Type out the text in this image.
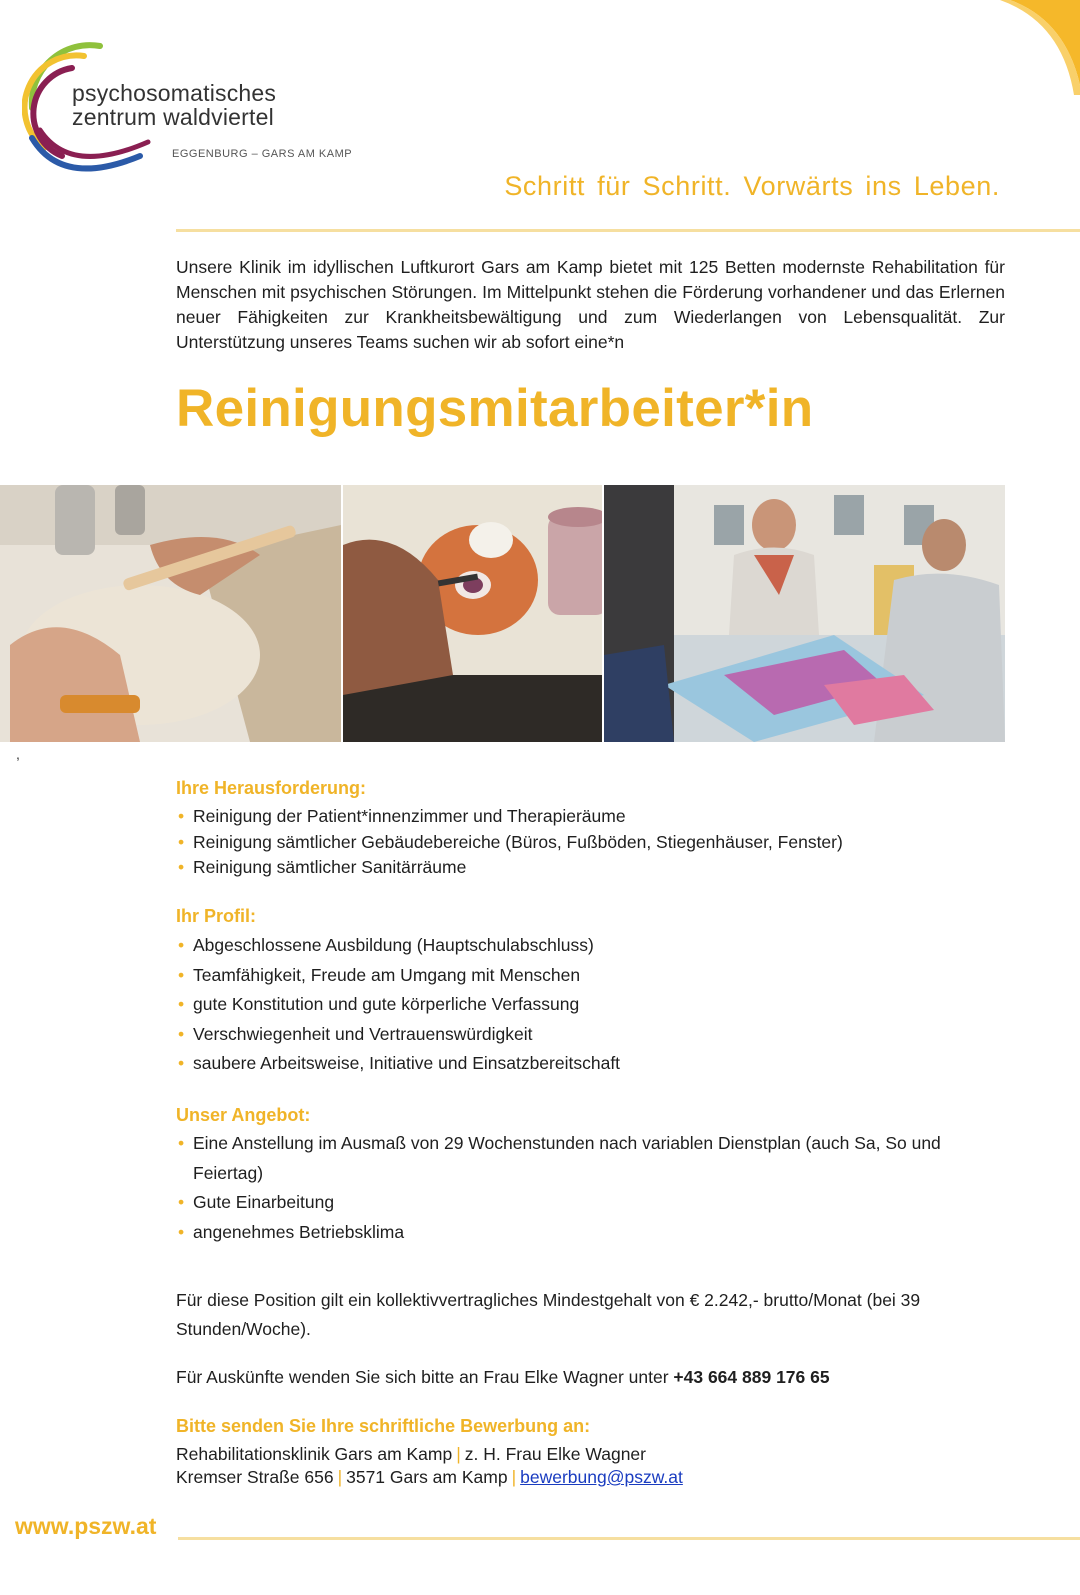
psychosomatisches
zentrum waldviertel
EGGENBURG – GARS AM KAMP
Schritt für Schritt. Vorwärts ins Leben.
Unsere Klinik im idyllischen Luftkurort Gars am Kamp bietet mit 125 Betten modernste Rehabilitation für Menschen mit psychischen Störungen. Im Mittelpunkt stehen die Förderung vorhandener und das Erlernen neuer Fähigkeiten zur Krankheitsbewältigung und zum Wiederlangen von Lebensqualität. Zur Unterstützung unseres Teams suchen wir ab sofort eine*n
Reinigungsmitarbeiter*in
,
Ihre Herausforderung:
• Reinigung der Patient*innenzimmer und Therapieräume
• Reinigung sämtlicher Gebäudebereiche (Büros, Fußböden, Stiegenhäuser, Fenster)
• Reinigung sämtlicher Sanitärräume
Ihr Profil:
• Abgeschlossene Ausbildung (Hauptschulabschluss)
• Teamfähigkeit, Freude am Umgang mit Menschen
• gute Konstitution und gute körperliche Verfassung
• Verschwiegenheit und Vertrauenswürdigkeit
• saubere Arbeitsweise, Initiative und Einsatzbereitschaft
Unser Angebot:
• Eine Anstellung im Ausmaß von 29 Wochenstunden nach variablen Dienstplan (auch Sa, So und Feiertag)
• Gute Einarbeitung
• angenehmes Betriebsklima
Für diese Position gilt ein kollektivvertragliches Mindestgehalt von € 2.242,- brutto/Monat (bei 39 Stunden/Woche).
Für Auskünfte wenden Sie sich bitte an Frau Elke Wagner unter +43 664 889 176 65
Bitte senden Sie Ihre schriftliche Bewerbung an:
Rehabilitationsklinik Gars am Kamp | z. H. Frau Elke Wagner
Kremser Straße 656 | 3571 Gars am Kamp | bewerbung@pszw.at
www.pszw.at
